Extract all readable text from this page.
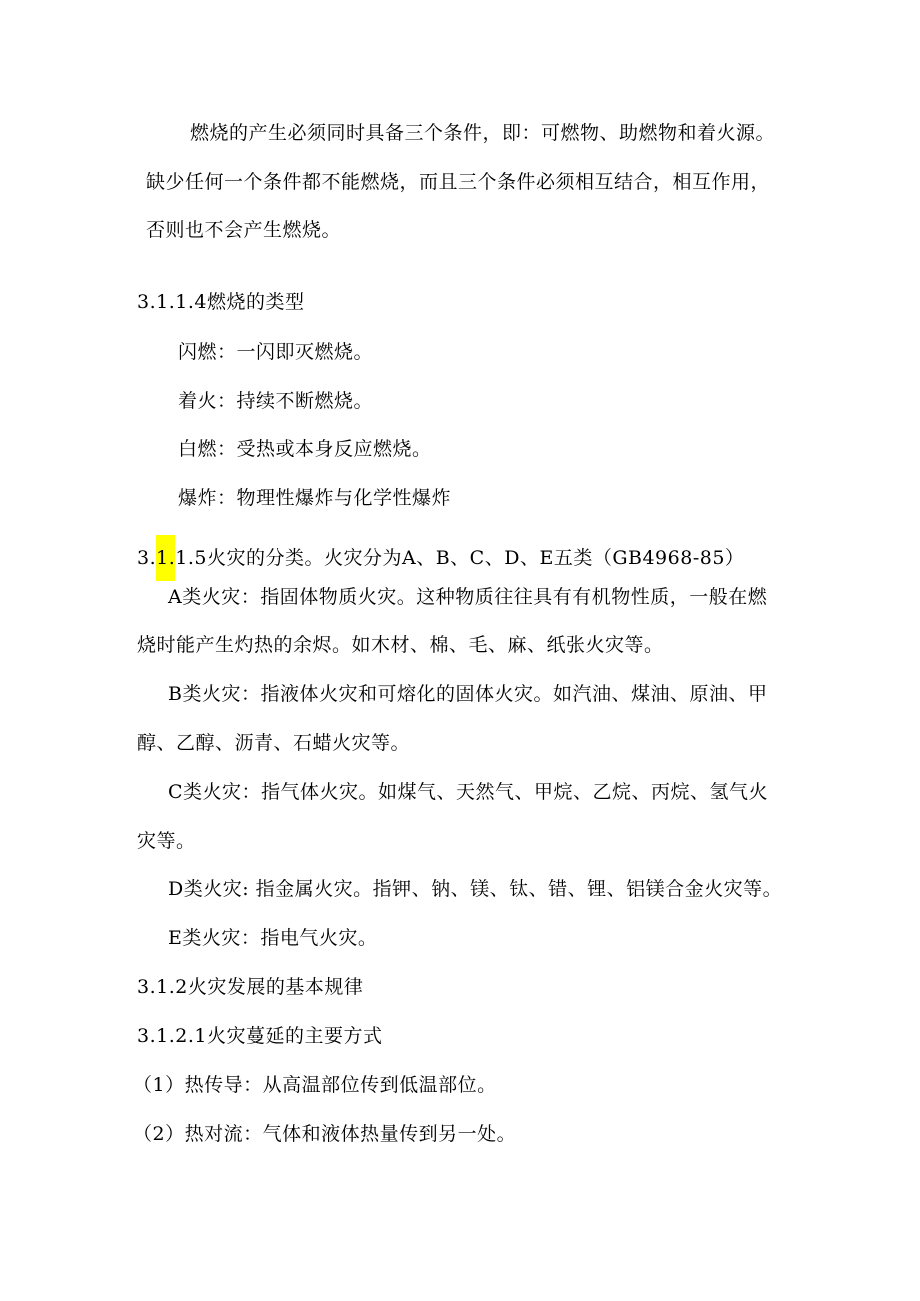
燃烧的产生必须同时具备三个条件，即：可燃物、助燃物和着火源。
缺少任何一个条件都不能燃烧，而且三个条件必须相互结合，相互作用，
否则也不会产生燃烧。
3.1.1.4燃烧的类型
闪燃：一闪即灭燃烧。
着火：持续不断燃烧。
白燃：受热或本身反应燃烧。
爆炸：物理性爆炸与化学性爆炸
3.1.1.5火灾的分类。火灾分为A、B、C、D、E五类（GB4968-85）
A类火灾：指固体物质火灾。这种物质往往具有有机物性质，一般在燃
烧时能产生灼热的余烬。如木材、棉、毛、麻、纸张火灾等。
B类火灾：指液体火灾和可熔化的固体火灾。如汽油、煤油、原油、甲
醇、乙醇、沥青、石蜡火灾等。
C类火灾：指气体火灾。如煤气、天然气、甲烷、乙烷、丙烷、氢气火
灾等。
D类火灾: 指金属火灾。指钾、钠、镁、钛、错、锂、铝镁合金火灾等。
E类火灾：指电气火灾。
3.1.2火灾发展的基本规律
3.1.2.1火灾蔓延的主要方式
（1）热传导：从高温部位传到低温部位。
（2）热对流：气体和液体热量传到另一处。
